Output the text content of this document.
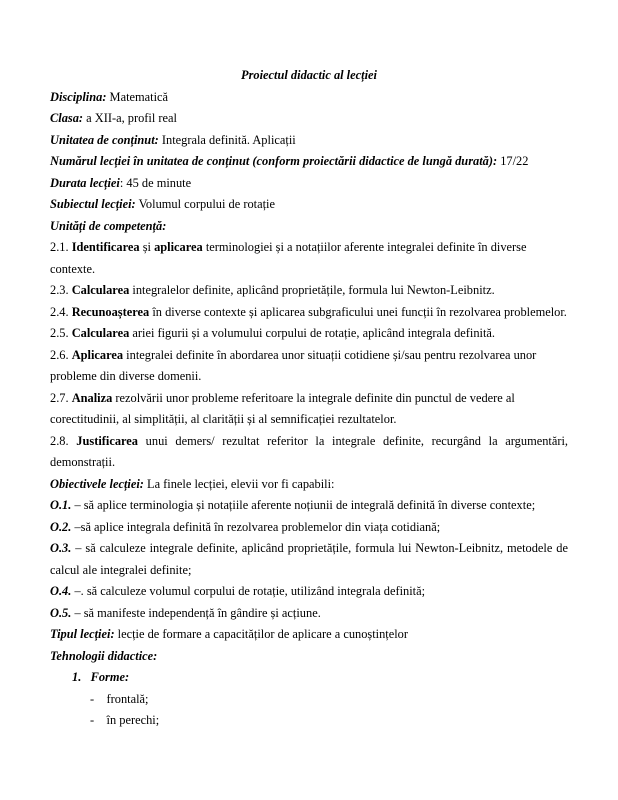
Proiectul didactic al lecției

Disciplina: Matematică

Clasa: a XII-a, profil real

Unitatea de conținut: Integrala definită. Aplicații

Numărul lecției în unitatea de conținut (conform proiectării didactice de lungă durată): 17/22

Durata lecției: 45 de minute

Subiectul lecției: Volumul corpului de rotație

Unități de competență:

2.1. Identificarea și aplicarea terminologiei și a notațiilor aferente integralei definite în diverse

contexte.

2.3. Calcularea integralelor definite, aplicând proprietățile, formula lui Newton-Leibnitz.

2.4. Recunoașterea în diverse contexte și aplicarea subgraficului unei funcții în rezolvarea problemelor.

2.5. Calcularea ariei figurii și a volumului corpului de rotație, aplicând integrala definită.

2.6. Aplicarea integralei definite în abordarea unor situații cotidiene și/sau pentru rezolvarea unor

probleme din diverse domenii.

2.7. Analiza rezolvării unor probleme referitoare la integrale definite din punctul de vedere al

corectitudinii, al simplității, al clarității și al semnificației rezultatelor.

2.8. Justificarea unui demers/ rezultat referitor la integrale definite, recurgând la argumentări,

demonstrații.

Obiectivele lecției: La finele lecției, elevii vor fi capabili:

O.1. – să aplice terminologia și notațiile aferente noțiunii de integrală definită în diverse contexte;

O.2. –să aplice integrala definită în rezolvarea problemelor din viața cotidiană;

O.3. – să calculeze integrale definite, aplicând proprietățile, formula lui Newton-Leibnitz, metodele de

calcul ale integralei definite;

O.4. –. să calculeze volumul corpului de rotație, utilizând integrala definită;

O.5. – să manifeste independență în gândire și acțiune.

Tipul lecției: lecție de formare a capacităților de aplicare a cunoștințelor

Tehnologii didactice:

1. Forme:

- frontală;

- în perechi;
